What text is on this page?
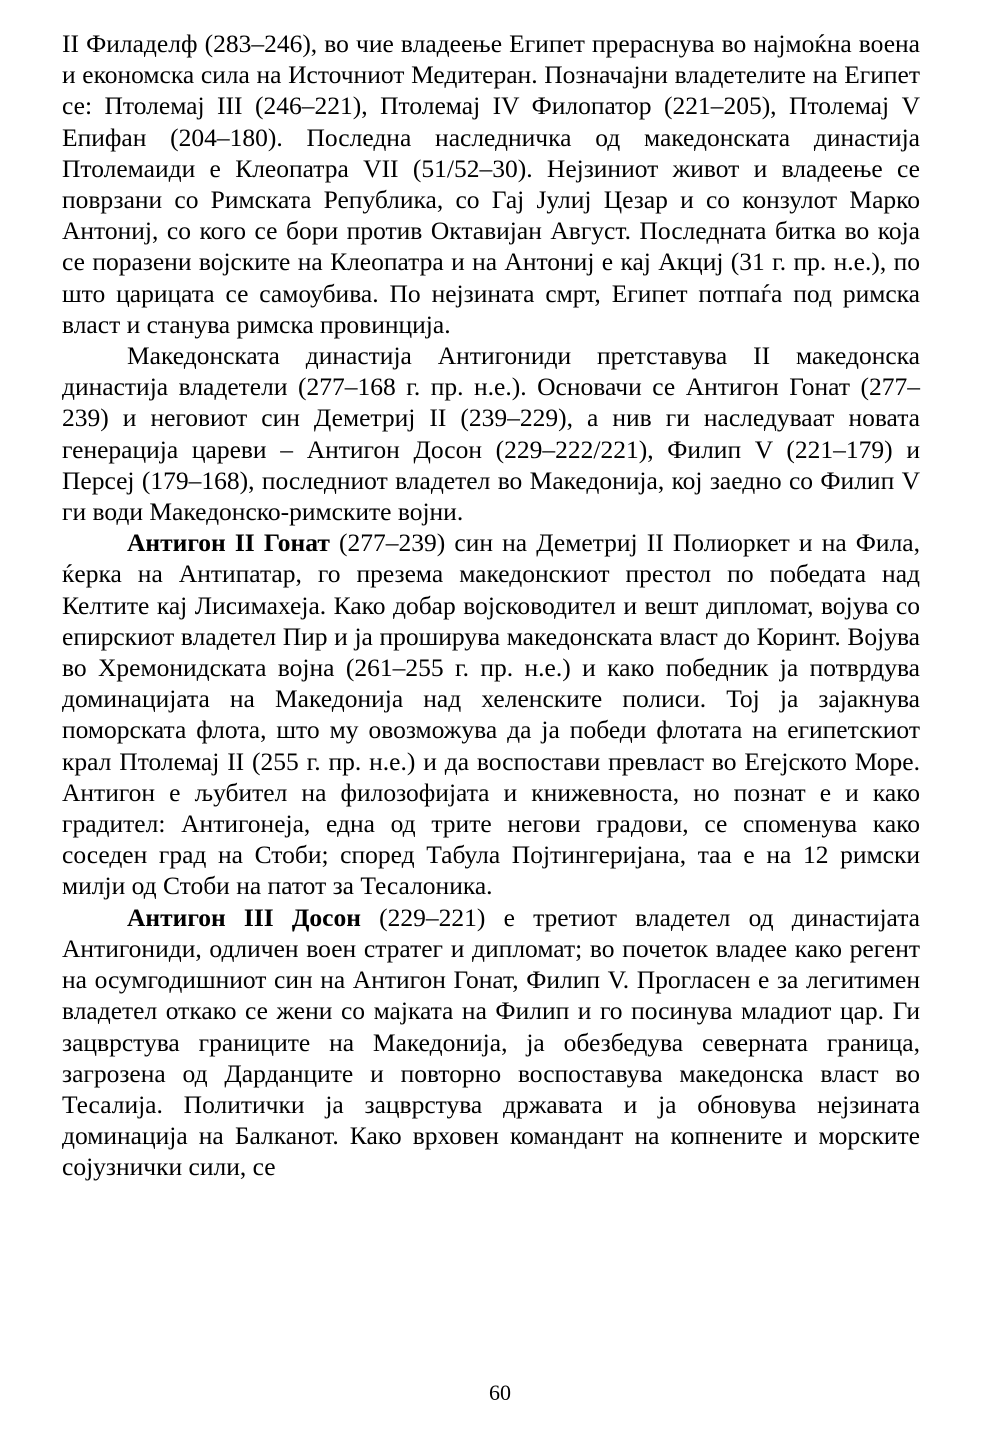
II Филаделф (283–246), во чие владеење Египет прераснува во најмоќна воена и економска сила на Источниот Медитеран. Позначајни владетелите на Египет се: Птолемај III (246–221), Птолемај IV Филопатор (221–205), Птолемај V Епифан (204–180). Последна наследничка од македонската династија Птолемаиди е Клеопатра VII (51/52–30). Нејзиниот живот и владеење се поврзани со Римската Република, со Гај Јулиј Цезар и со конзулот Марко Антониј, со кого се бори против Октавијан Август. Последната битка во која се поразени војските на Клеопатра и на Антониј е кај Акциј (31 г. пр. н.е.), по што царицата се самоубива. По нејзината смрт, Египет потпаѓа под римска власт и станува римска провинција.

Македонската династија Антигониди претставува II македонска династија владетели (277–168 г. пр. н.е.). Основачи се Антигон Гонат (277–239) и неговиот син Деметриј II (239–229), а нив ги наследуваат новата генерација цареви – Антигон Досон (229–222/221), Филип V (221–179) и Персеј (179–168), последниот владетел во Македонија, кој заедно со Филип V ги води Македонско-римските војни.

Антигон II Гонат (277–239) син на Деметриј II Полиоркет и на Фила, ќерка на Антипатар, го презема македонскиот престол по победата над Келтите кај Лисимахеја. Како добар војсководител и вешт дипломат, војува со епирскиот владетел Пир и ја проширува македонската власт до Коринт. Војува во Хремонидската војна (261–255 г. пр. н.е.) и како победник ја потврдува доминацијата на Македонија над хеленските полиси. Тој ја зајакнува поморската флота, што му овозможува да ја победи флотата на египетскиот крал Птолемај II (255 г. пр. н.е.) и да воспостави превласт во Егејското Море. Антигон е љубител на филозофијата и книжевноста, но познат е и како градител: Антигонеја, една од трите негови градови, се споменува како соседен град на Стоби; според Табула Појтингеријана, таа е на 12 римски милји од Стоби на патот за Тесалоника.

Антигон III Досон (229–221) е третиот владетел од династијата Антигониди, одличен воен стратег и дипломат; во почеток владее како регент на осумгодишниот син на Антигон Гонат, Филип V. Прогласен е за легитимен владетел откако се жени со мајката на Филип и го посинува младиот цар. Ги зацврстува границите на Македонија, ја обезбедува северната граница, загрозена од Дарданците и повторно воспоставува македонска власт во Тесалија. Политички ја зацврстува државата и ја обновува нејзината доминација на Балканот. Како врховен командант на копнените и морските сојузнички сили, се

60
